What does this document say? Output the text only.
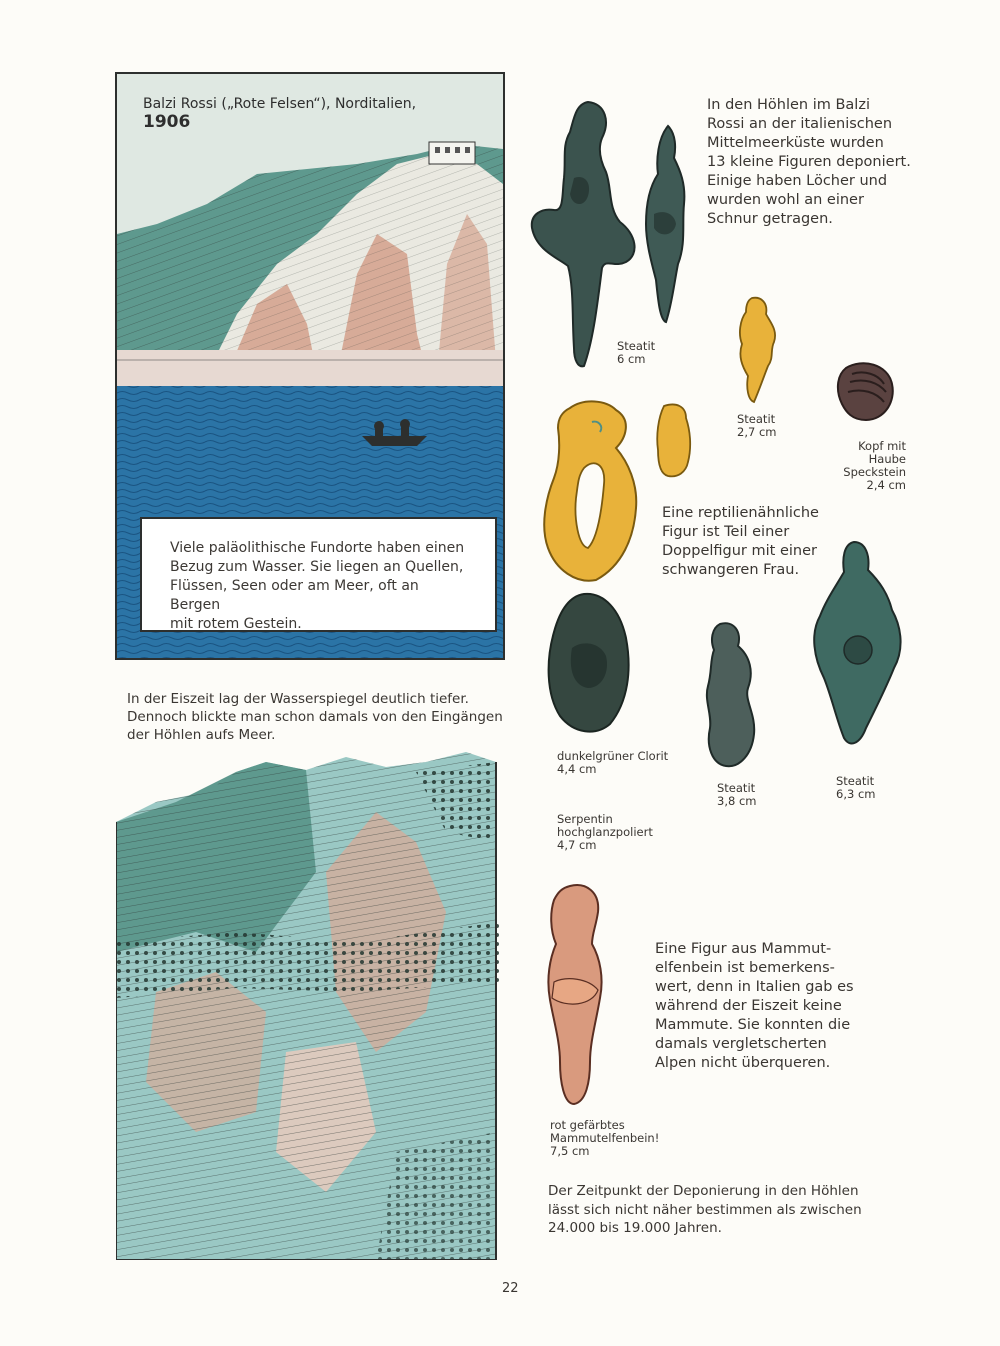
Balzi Rossi („Rote Felsen“), Norditalien,
1906
Viele paläolithische Fundorte haben einen
Bezug zum Wasser. Sie liegen an Quellen,
Flüssen, Seen oder am Meer, oft an Bergen
mit rotem Gestein.
In der Eiszeit lag der Wasserspiegel deutlich tiefer.
Dennoch blickte man schon damals von den Eingängen
der Höhlen aufs Meer.
In den Höhlen im Balzi
Rossi an der italienischen
Mittelmeerküste wurden
13 kleine Figuren deponiert.
Einige haben Löcher und
wurden wohl an einer
Schnur getragen.
Eine reptilienähnliche
Figur ist Teil einer
Doppelfigur mit einer
schwangeren Frau.
Eine Figur aus Mammut-
elfenbein ist bemerkens-
wert, denn in Italien gab es
während der Eiszeit keine
Mammute. Sie konnten die
damals vergletscherten
Alpen nicht überqueren.
Der Zeitpunkt der Deponierung in den Höhlen
lässt sich nicht näher bestimmen als zwischen
24.000 bis 19.000 Jahren.
Steatit
6 cm
Steatit
2,7 cm
Kopf mit Haube
Speckstein
2,4 cm
dunkelgrüner Clorit
4,4 cm
Steatit
3,8 cm
Steatit
6,3 cm
Serpentin
hochglanzpoliert
4,7 cm
rot gefärbtes
Mammutelfenbein!
7,5 cm
22
